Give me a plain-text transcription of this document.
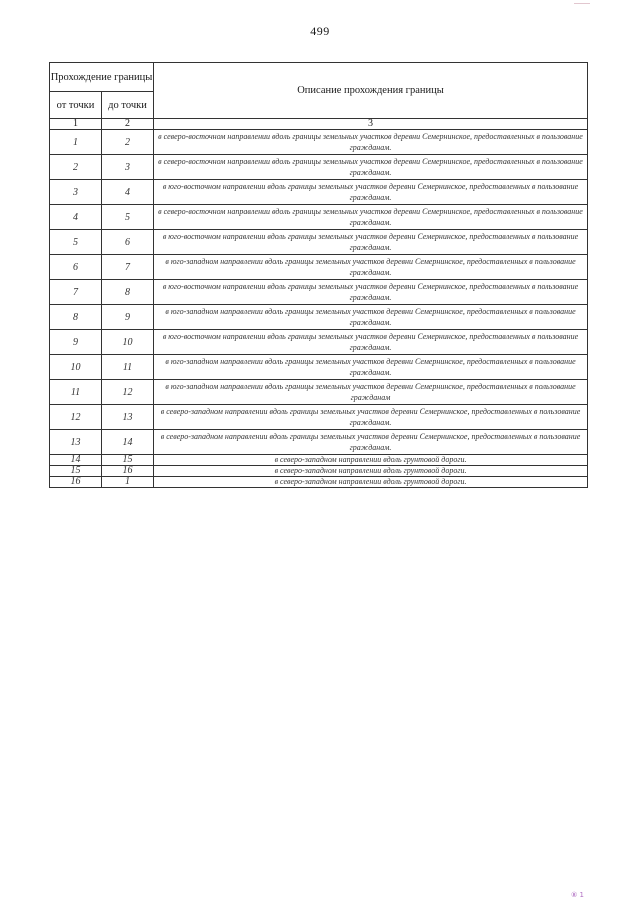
499
Прохождение границы		Описание прохождения границы
от точки	до точки	
1	2	3
1	2	в северо-восточном направлении вдоль границы земельных участков деревни Семернинское, предоставленных в пользование гражданам.
2	3	в северо-восточном направлении вдоль границы земельных участков деревни Семернинское, предоставленных в пользование гражданам.
3	4	в юго-восточном направлении вдоль границы земельных участков деревни Семернинское, предоставленных в пользование гражданам.
4	5	в северо-восточном направлении вдоль границы земельных участков деревни Семернинское, предоставленных в пользование гражданам.
5	6	в юго-восточном направлении вдоль границы земельных участков деревни Семернинское, предоставленных в пользование гражданам.
6	7	в юго-западном направлении вдоль границы земельных участков деревни Семернинское, предоставленных в пользование гражданам.
7	8	в юго-восточном направлении вдоль границы земельных участков деревни Семернинское, предоставленных в пользование гражданам.
8	9	в юго-западном направлении вдоль границы земельных участков деревни Семернинское, предоставленных в пользование гражданам.
9	10	в юго-восточном направлении вдоль границы земельных участков деревни Семернинское, предоставленных в пользование гражданам.
10	11	в юго-западном направлении вдоль границы земельных участков деревни Семернинское, предоставленных в пользование гражданам.
11	12	в юго-западном направлении вдоль границы земельных участков деревни Семернинское, предоставленных в пользование гражданам
12	13	в северо-западном направлении вдоль границы земельных участков деревни Семернинское, предоставленных в пользование гражданам.
13	14	в северо-западном направлении вдоль границы земельных участков деревни Семернинское, предоставленных в пользование гражданам.
14	15	в северо-западном направлении вдоль грунтовой дороги.
15	16	в северо-западном направлении вдоль грунтовой дороги.
16	1	в северо-западном направлении вдоль грунтовой дороги.
⑧ 1
